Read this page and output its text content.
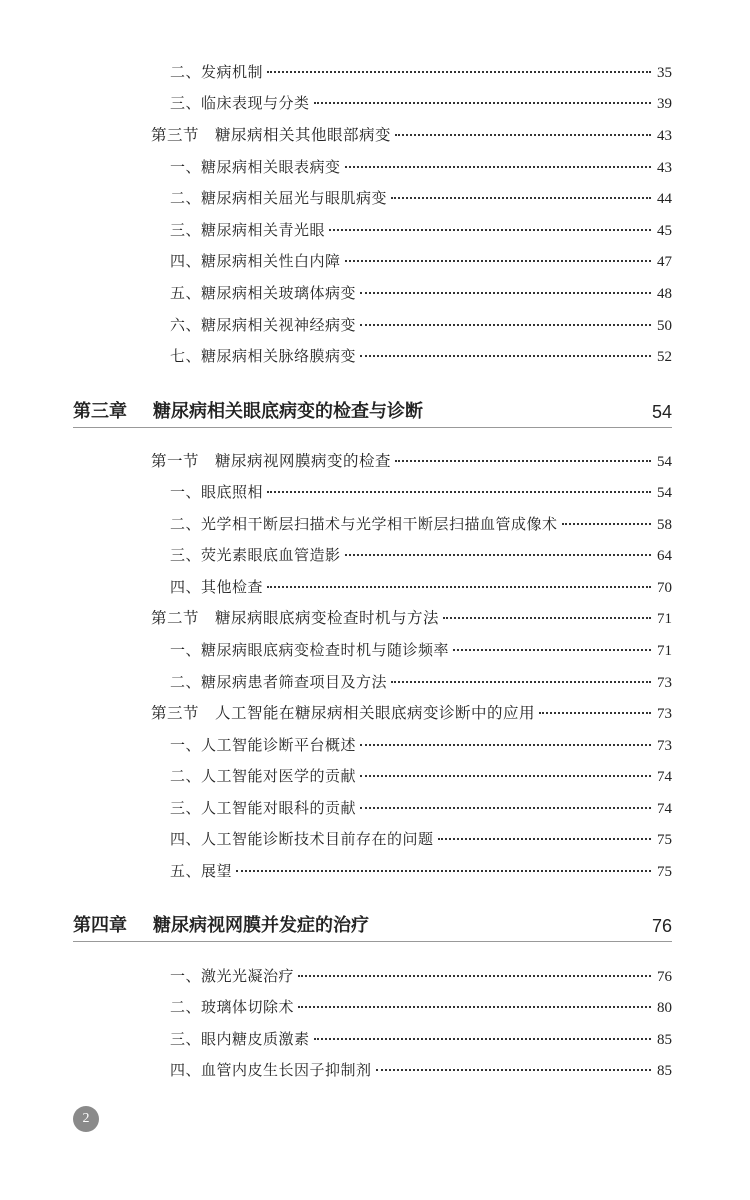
二、发病机制	35
三、临床表现与分类	39
第三节　糖尿病相关其他眼部病变	43
一、糖尿病相关眼表病变	43
二、糖尿病相关屈光与眼肌病变	44
三、糖尿病相关青光眼	45
四、糖尿病相关性白内障	47
五、糖尿病相关玻璃体病变	48
六、糖尿病相关视神经病变	50
七、糖尿病相关脉络膜病变	52
第三章	糖尿病相关眼底病变的检查与诊断	54
第一节　糖尿病视网膜病变的检查	54
一、眼底照相	54
二、光学相干断层扫描术与光学相干断层扫描血管成像术	58
三、荧光素眼底血管造影	64
四、其他检查	70
第二节　糖尿病眼底病变检查时机与方法	71
一、糖尿病眼底病变检查时机与随诊频率	71
二、糖尿病患者筛查项目及方法	73
第三节　人工智能在糖尿病相关眼底病变诊断中的应用	73
一、人工智能诊断平台概述	73
二、人工智能对医学的贡献	74
三、人工智能对眼科的贡献	74
四、人工智能诊断技术目前存在的问题	75
五、展望	75
第四章	糖尿病视网膜并发症的治疗	76
一、激光光凝治疗	76
二、玻璃体切除术	80
三、眼内糖皮质激素	85
四、血管内皮生长因子抑制剂	85
2
